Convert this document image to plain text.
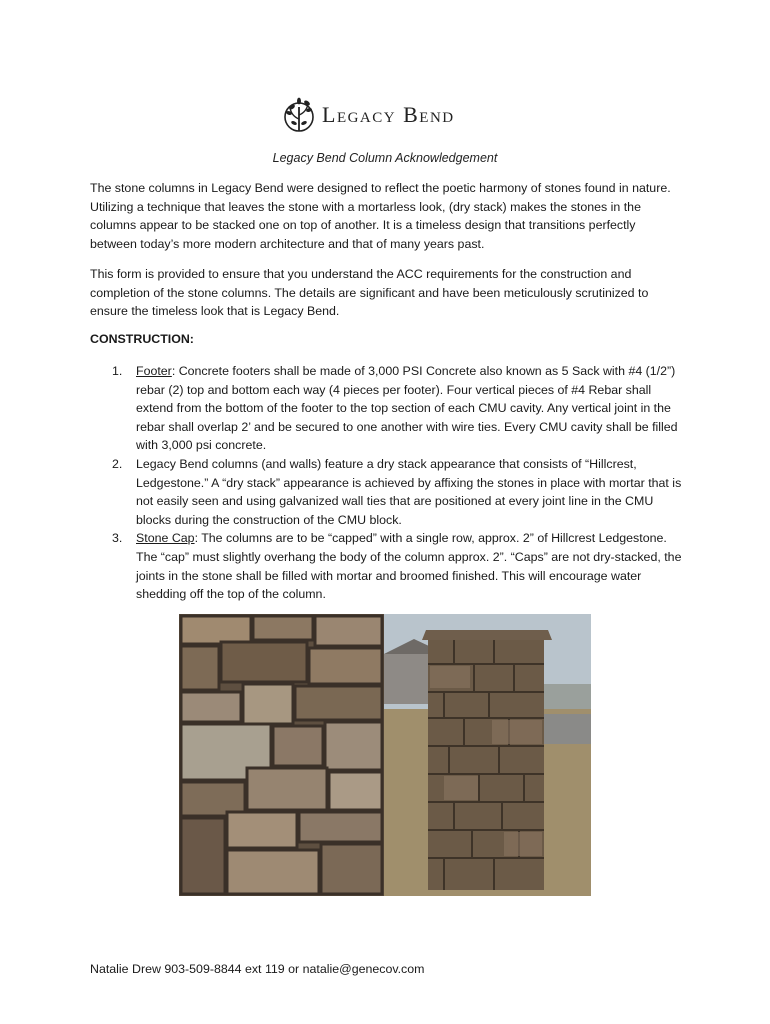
Legacy Bend
Legacy Bend Column Acknowledgement

The stone columns in Legacy Bend were designed to reflect the poetic harmony of stones found in nature. Utilizing a technique that leaves the stone with a mortarless look, (dry stack) makes the stones in the columns appear to be stacked one on top of another. It is a timeless design that transitions perfectly between today’s more modern architecture and that of many years past.

This form is provided to ensure that you understand the ACC requirements for the construction and completion of the stone columns. The details are significant and have been meticulously scrutinized to ensure the timeless look that is Legacy Bend.

CONSTRUCTION:

1. Footer: Concrete footers shall be made of 3,000 PSI Concrete also known as 5 Sack with #4 (1/2”) rebar (2) top and bottom each way (4 pieces per footer). Four vertical pieces of #4 Rebar shall extend from the bottom of the footer to the top section of each CMU cavity. Any vertical joint in the rebar shall overlap 2’ and be secured to one another with wire ties. Every CMU cavity shall be filled with 3,000 psi concrete.
2. Legacy Bend columns (and walls) feature a dry stack appearance that consists of “Hillcrest, Ledgestone.” A “dry stack” appearance is achieved by affixing the stones in place with mortar that is not easily seen and using galvanized wall ties that are positioned at every joint line in the CMU blocks during the construction of the CMU block.
3. Stone Cap: The columns are to be “capped” with a single row, approx. 2” of Hillcrest Ledgestone. The “cap” must slightly overhang the body of the column approx. 2”. “Caps” are not dry-stacked, the joints in the stone shall be filled with mortar and broomed finished. This will encourage water shedding off the top of the column.

Natalie Drew 903-509-8844 ext 119 or natalie@genecov.com
